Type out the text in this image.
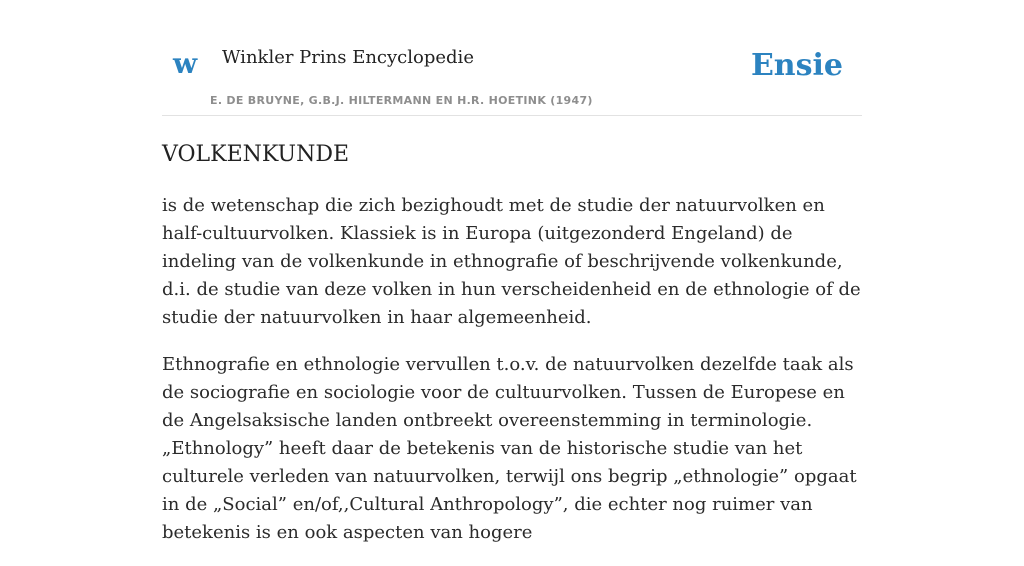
w Winkler Prins Encyclopedie
E. DE BRUYNE, G.B.J. HILTERMANN EN H.R. HOETINK (1947)
Ensie
VOLKENKUNDE

is de wetenschap die zich bezighoudt met de studie der natuurvolken en half-cultuurvolken. Klassiek is in Europa (uitgezonderd Engeland) de indeling van de volkenkunde in ethnografie of beschrijvende volkenkunde, d.i. de studie van deze volken in hun verscheidenheid en de ethnologie of de studie der natuurvolken in haar algemeenheid.

Ethnografie en ethnologie vervullen t.o.v. de natuurvolken dezelfde taak als de sociografie en sociologie voor de cultuurvolken. Tussen de Europese en de Angelsaksische landen ontbreekt overeenstemming in terminologie. „Ethnology” heeft daar de betekenis van de historische studie van het culturele verleden van natuurvolken, terwijl ons begrip „ethnologie” opgaat in de „Social” en/of,,Cultural Anthropology”, die echter nog ruimer van betekenis is en ook aspecten van hogere
